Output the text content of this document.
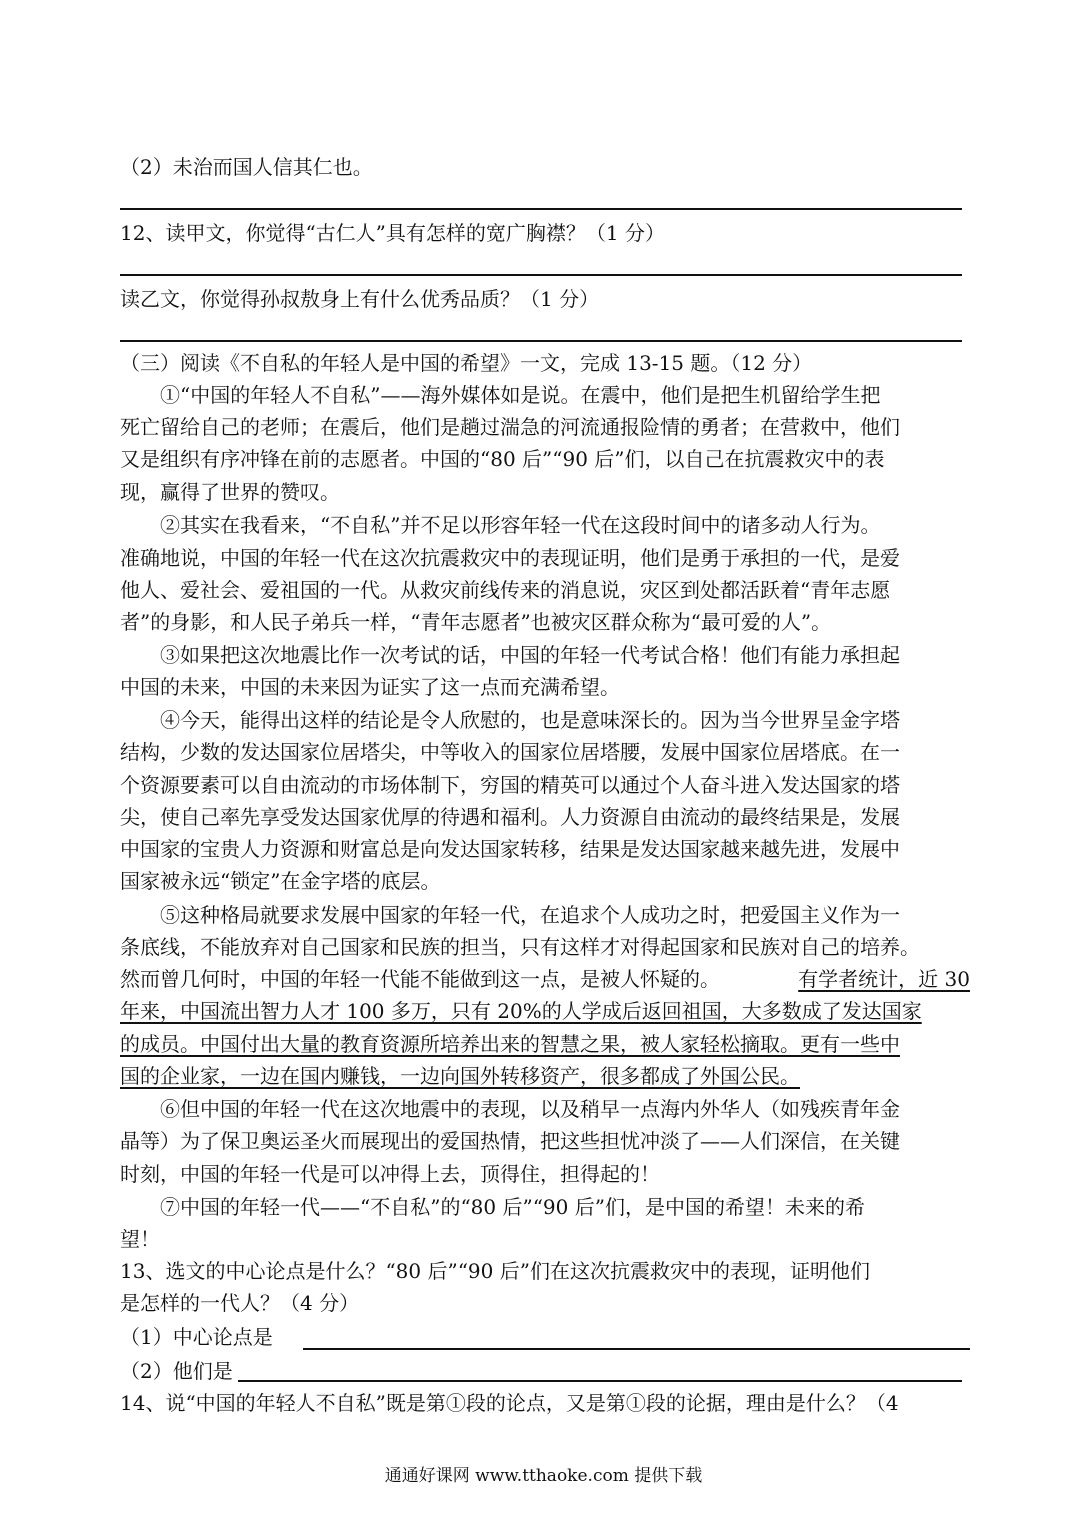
（2）未治而国人信其仁也。
12、读甲文，你觉得“古仁人”具有怎样的宽广胸襟？（1 分）
读乙文，你觉得孙叔敖身上有什么优秀品质？（1 分）
（三）阅读《不自私的年轻人是中国的希望》一文，完成 13-15 题。（12 分）
①“中国的年轻人不自私”——海外媒体如是说。在震中，他们是把生机留给学生把
死亡留给自己的老师；在震后，他们是趟过湍急的河流通报险情的勇者；在营救中，他们
又是组织有序冲锋在前的志愿者。中国的“80 后”“90 后”们，以自己在抗震救灾中的表
现，赢得了世界的赞叹。
②其实在我看来，“不自私”并不足以形容年轻一代在这段时间中的诸多动人行为。
准确地说，中国的年轻一代在这次抗震救灾中的表现证明，他们是勇于承担的一代，是爱
他人、爱社会、爱祖国的一代。从救灾前线传来的消息说，灾区到处都活跃着“青年志愿
者”的身影，和人民子弟兵一样，“青年志愿者”也被灾区群众称为“最可爱的人”。
③如果把这次地震比作一次考试的话，中国的年轻一代考试合格！他们有能力承担起
中国的未来，中国的未来因为证实了这一点而充满希望。
④今天，能得出这样的结论是令人欣慰的，也是意味深长的。因为当今世界呈金字塔
结构，少数的发达国家位居塔尖，中等收入的国家位居塔腰，发展中国家位居塔底。在一
个资源要素可以自由流动的市场体制下，穷国的精英可以通过个人奋斗进入发达国家的塔
尖，使自己率先享受发达国家优厚的待遇和福利。人力资源自由流动的最终结果是，发展
中国家的宝贵人力资源和财富总是向发达国家转移，结果是发达国家越来越先进，发展中
国家被永远“锁定”在金字塔的底层。
⑤这种格局就要求发展中国家的年轻一代，在追求个人成功之时，把爱国主义作为一
条底线，不能放弃对自己国家和民族的担当，只有这样才对得起国家和民族对自己的培养。
然而曾几何时，中国的年轻一代能不能做到这一点，是被人怀疑的。	有学者统计，近 30
年来，中国流出智力人才 100 多万，只有 20%的人学成后返回祖国，大多数成了发达国家
的成员。中国付出大量的教育资源所培养出来的智慧之果，被人家轻松摘取。更有一些中
国的企业家，一边在国内赚钱，一边向国外转移资产，很多都成了外国公民。
⑥但中国的年轻一代在这次地震中的表现，以及稍早一点海内外华人（如残疾青年金
晶等）为了保卫奥运圣火而展现出的爱国热情，把这些担忧冲淡了——人们深信，在关键
时刻，中国的年轻一代是可以冲得上去，顶得住，担得起的！
⑦中国的年轻一代——“不自私”的“80 后”“90 后”们，是中国的希望！未来的希
望！
13、选文的中心论点是什么？“80 后”“90 后”们在这次抗震救灾中的表现，证明他们
是怎样的一代人？（4 分）
（1）中心论点是
（2）他们是
14、说“中国的年轻人不自私”既是第①段的论点，又是第①段的论据，理由是什么？（4
通通好课网 www.tthaoke.com 提供下载
